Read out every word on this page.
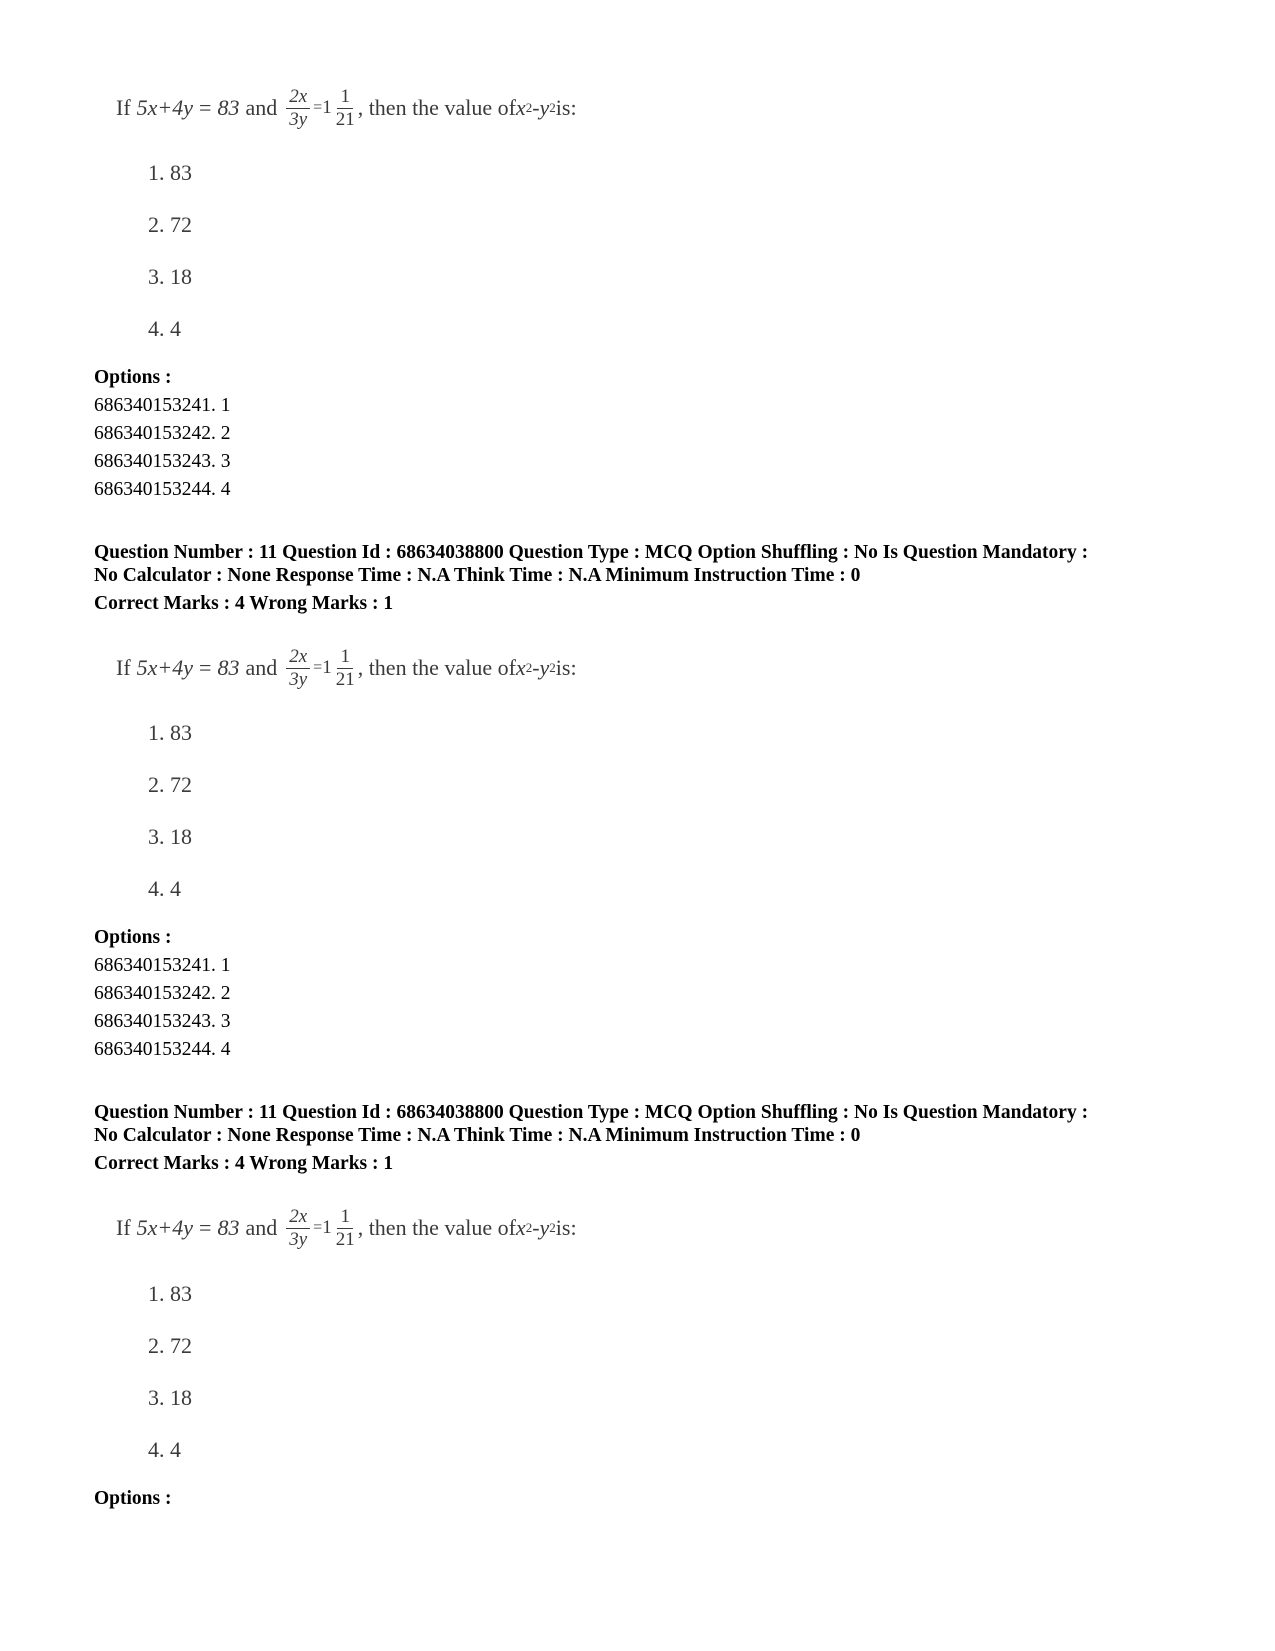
If 5x+4y = 83 and $\frac{2x}{3y} = 1 \frac{1}{21}$ , then the value of x 2 - y 2 is:
1. 83
2. 72
3. 18
4. 4
Options :
686340153241. 1
686340153242. 2
686340153243. 3
686340153244. 4
Question Number : 11 Question Id : 68634038800 Question Type : MCQ Option Shuffling : No Is Question Mandatory :
No Calculator : None Response Time : N.A Think Time : N.A Minimum Instruction Time : 0
Correct Marks : 4 Wrong Marks : 1
If 5x+4y = 83 and $\frac{2x}{3y} = 1 \frac{1}{21}$ , then the value of x 2 - y 2 is:
1. 83
2. 72
3. 18
4. 4
Options :
686340153241. 1
686340153242. 2
686340153243. 3
686340153244. 4
Question Number : 11 Question Id : 68634038800 Question Type : MCQ Option Shuffling : No Is Question Mandatory :
No Calculator : None Response Time : N.A Think Time : N.A Minimum Instruction Time : 0
Correct Marks : 4 Wrong Marks : 1
If 5x+4y = 83 and $\frac{2x}{3y} = 1 \frac{1}{21}$ , then the value of x 2 - y 2 is:
1. 83
2. 72
3. 18
4. 4
Options :
